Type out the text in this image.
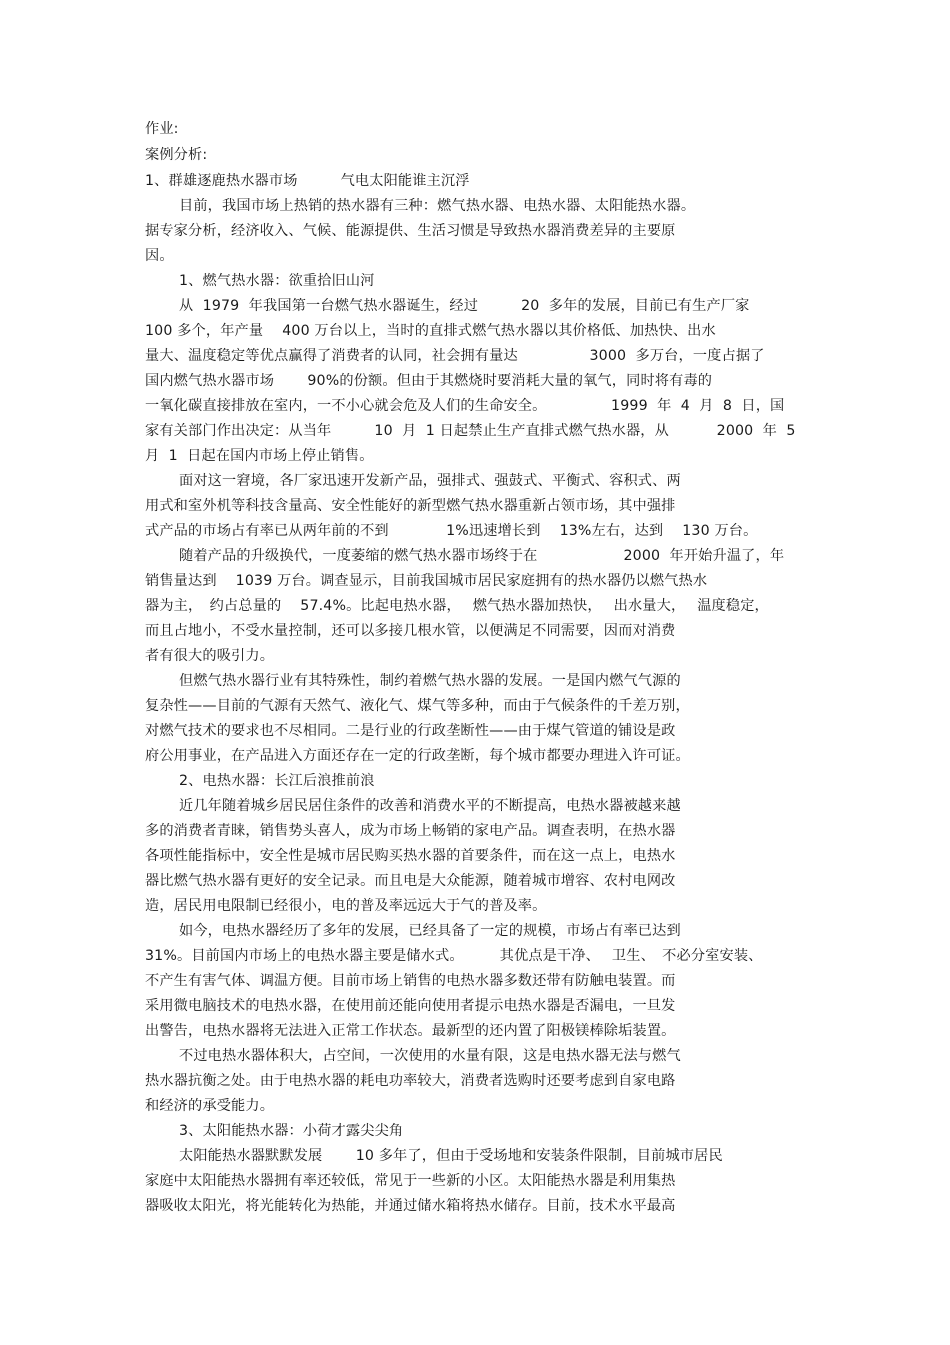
作业:
案例分析:
1、群雄逐鹿热水器市场　　　气电太阳能谁主沉浮
目前，我国市场上热销的热水器有三种：燃气热水器、电热水器、太阳能热水器。
据专家分析，经济收入、气候、能源提供、生活习惯是导致热水器消费差异的主要原
因。
1、燃气热水器：欲重拾旧山河
从  1979  年我国第一台燃气热水器诞生，经过　　　20  多年的发展，目前已有生产厂家
100 多个，年产量　 400 万台以上，当时的直排式燃气热水器以其价格低、加热快、出水
量大、温度稳定等优点赢得了消费者的认同，社会拥有量达　　　　　3000  多万台，一度占据了
国内燃气热水器市场　　 90%的份额。但由于其燃烧时要消耗大量的氧气，同时将有毒的
一氧化碳直接排放在室内，一不小心就会危及人们的生命安全。　　　　　1999  年  4  月  8  日，国
家有关部门作出决定：从当年　　　10  月  1 日起禁止生产直排式燃气热水器，从　　　 2000  年  5
月  1  日起在国内市场上停止销售。
面对这一窘境，各厂家迅速开发新产品，强排式、强鼓式、平衡式、容积式、两
用式和室外机等科技含量高、安全性能好的新型燃气热水器重新占领市场，其中强排
式产品的市场占有率已从两年前的不到　　　　1%迅速增长到　 13%左右，达到　 130 万台。
随着产品的升级换代，一度萎缩的燃气热水器市场终于在　　　　　　2000  年开始升温了，年
销售量达到　 1039 万台。调查显示，目前我国城市居民家庭拥有的热水器仍以燃气热水
器为主，　约占总量的　 57.4%。比起电热水器，　 燃气热水器加热快，　 出水量大，　 温度稳定，
而且占地小，不受水量控制，还可以多接几根水管，以便满足不同需要，因而对消费
者有很大的吸引力。
但燃气热水器行业有其特殊性，制约着燃气热水器的发展。一是国内燃气气源的
复杂性——目前的气源有天然气、液化气、煤气等多种，而由于气候条件的千差万别，
对燃气技术的要求也不尽相同。二是行业的行政垄断性——由于煤气管道的铺设是政
府公用事业，在产品进入方面还存在一定的行政垄断，每个城市都要办理进入许可证。
2、电热水器：长江后浪推前浪
近几年随着城乡居民居住条件的改善和消费水平的不断提高，电热水器被越来越
多的消费者青睐，销售势头喜人，成为市场上畅销的家电产品。调查表明，在热水器
各项性能指标中，安全性是城市居民购买热水器的首要条件，而在这一点上，电热水
器比燃气热水器有更好的安全记录。而且电是大众能源，随着城市增容、农村电网改
造，居民用电限制已经很小，电的普及率远远大于气的普及率。
如今，电热水器经历了多年的发展，已经具备了一定的规模，市场占有率已达到
31%。目前国内市场上的电热水器主要是储水式。　　　其优点是干净、　 卫生、　不必分室安装、
不产生有害气体、调温方便。目前市场上销售的电热水器多数还带有防触电装置。而
采用微电脑技术的电热水器，在使用前还能向使用者提示电热水器是否漏电，一旦发
出警告，电热水器将无法进入正常工作状态。最新型的还内置了阳极镁棒除垢装置。
不过电热水器体积大，占空间，一次使用的水量有限，这是电热水器无法与燃气
热水器抗衡之处。由于电热水器的耗电功率较大，消费者选购时还要考虑到自家电路
和经济的承受能力。
3、太阳能热水器：小荷才露尖尖角
太阳能热水器默默发展　　 10 多年了，但由于受场地和安装条件限制，目前城市居民
家庭中太阳能热水器拥有率还较低，常见于一些新的小区。太阳能热水器是利用集热
器吸收太阳光，将光能转化为热能，并通过储水箱将热水储存。目前，技术水平最高
